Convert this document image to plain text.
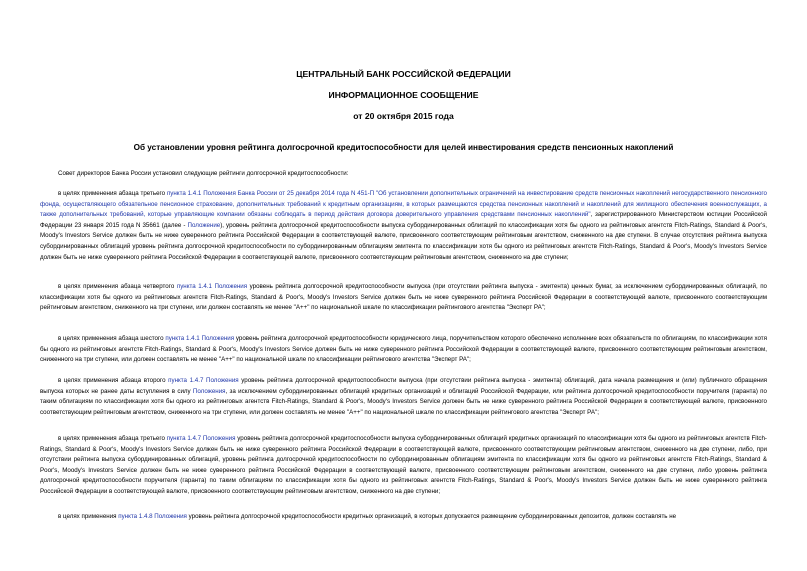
ЦЕНТРАЛЬНЫЙ БАНК РОССИЙСКОЙ ФЕДЕРАЦИИ
ИНФОРМАЦИОННОЕ СООБЩЕНИЕ
от 20 октября 2015 года
Об установлении уровня рейтинга долгосрочной кредитоспособности для целей инвестирования средств пенсионных накоплений
Совет директоров Банка России установил следующие рейтинги долгосрочной кредитоспособности:

в целях применения абзаца третьего пункта 1.4.1 Положения Банка России от 25 декабря 2014 года N 451-П "Об установлении дополнительных ограничений на инвестирование средств пенсионных накоплений негосударственного пенсионного фонда, осуществляющего обязательное пенсионное страхование, дополнительных требований к кредитным организациям, в которых размещаются средства пенсионных накоплений и накоплений для жилищного обеспечения военнослужащих, а также дополнительных требований, которые управляющие компании обязаны соблюдать в период действия договора доверительного управления средствами пенсионных накоплений", зарегистрированного Министерством юстиции Российской Федерации 23 января 2015 года N 35661 (далее - Положение), уровень рейтинга долгосрочной кредитоспособности выпуска субординированных облигаций по классификации хотя бы одного из рейтинговых агентств Fitch-Ratings, Standard & Poor's, Moody's Investors Service должен быть не ниже суверенного рейтинга Российской Федерации в соответствующей валюте, присвоенного соответствующим рейтинговым агентством, сниженного на две ступени. В случае отсутствия рейтинга выпуска субординированных облигаций уровень рейтинга долгосрочной кредитоспособности по субординированным облигациям эмитента по классификации хотя бы одного из рейтинговых агентств Fitch-Ratings, Standard & Poor's, Moody's Investors Service должен быть не ниже суверенного рейтинга Российской Федерации в соответствующей валюте, присвоенного соответствующим рейтинговым агентством, сниженного на две ступени;

в целях применения абзаца четвертого пункта 1.4.1 Положения уровень рейтинга долгосрочной кредитоспособности выпуска (при отсутствии рейтинга выпуска - эмитента) ценных бумаг, за исключением субординированных облигаций, по классификации хотя бы одного из рейтинговых агентств Fitch-Ratings, Standard & Poor's, Moody's Investors Service должен быть не ниже суверенного рейтинга Российской Федерации в соответствующей валюте, присвоенного соответствующим рейтинговым агентством, сниженного на три ступени, или должен составлять не менее "A++" по национальной шкале по классификации рейтингового агентства "Эксперт РА";

в целях применения абзаца шестого пункта 1.4.1 Положения уровень рейтинга долгосрочной кредитоспособности юридического лица, поручительством которого обеспечено исполнение всех обязательств по облигациям, по классификации хотя бы одного из рейтинговых агентств Fitch-Ratings, Standard & Poor's, Moody's Investors Service должен быть не ниже суверенного рейтинга Российской Федерации в соответствующей валюте, присвоенного соответствующим рейтинговым агентством, сниженного на три ступени, или должен составлять не менее "A++" по национальной шкале по классификации рейтингового агентства "Эксперт РА";

в целях применения абзаца второго пункта 1.4.7 Положения уровень рейтинга долгосрочной кредитоспособности выпуска (при отсутствии рейтинга выпуска - эмитента) облигаций, дата начала размещения и (или) публичного обращения выпуска которых не ранее даты вступления в силу Положения, за исключением субординированных облигаций кредитных организаций и облигаций Российской Федерации, или рейтинга долгосрочной кредитоспособности поручителя (гаранта) по таким облигациям по классификации хотя бы одного из рейтинговых агентств Fitch-Ratings, Standard & Poor's, Moody's Investors Service должен быть не ниже суверенного рейтинга Российской Федерации в соответствующей валюте, присвоенного соответствующим рейтинговым агентством, сниженного на три ступени, или должен составлять не менее "A++" по национальной шкале по классификации рейтингового агентства "Эксперт РА";

в целях применения абзаца третьего пункта 1.4.7 Положения уровень рейтинга долгосрочной кредитоспособности выпуска субординированных облигаций кредитных организаций по классификации хотя бы одного из рейтинговых агентств Fitch-Ratings, Standard & Poor's, Moody's Investors Service должен быть не ниже суверенного рейтинга Российской Федерации в соответствующей валюте, присвоенного соответствующим рейтинговым агентством, сниженного на две ступени, либо, при отсутствии рейтинга выпуска субординированных облигаций, уровень рейтинга долгосрочной кредитоспособности по субординированным облигациям эмитента по классификации хотя бы одного из рейтинговых агентств Fitch-Ratings, Standard & Poor's, Moody's Investors Service должен быть не ниже суверенного рейтинга Российской Федерации в соответствующей валюте, присвоенного соответствующим рейтинговым агентством, сниженного на две ступени, либо уровень рейтинга долгосрочной кредитоспособности поручителя (гаранта) по таким облигациям по классификации хотя бы одного из рейтинговых агентств Fitch-Ratings, Standard & Poor's, Moody's Investors Service должен быть не ниже суверенного рейтинга Российской Федерации в соответствующей валюте, присвоенного соответствующим рейтинговым агентством, сниженного на две ступени;

в целях применения пункта 1.4.8 Положения уровень рейтинга долгосрочной кредитоспособности кредитных организаций, в которых допускается размещение субординированных депозитов, должен составлять не
